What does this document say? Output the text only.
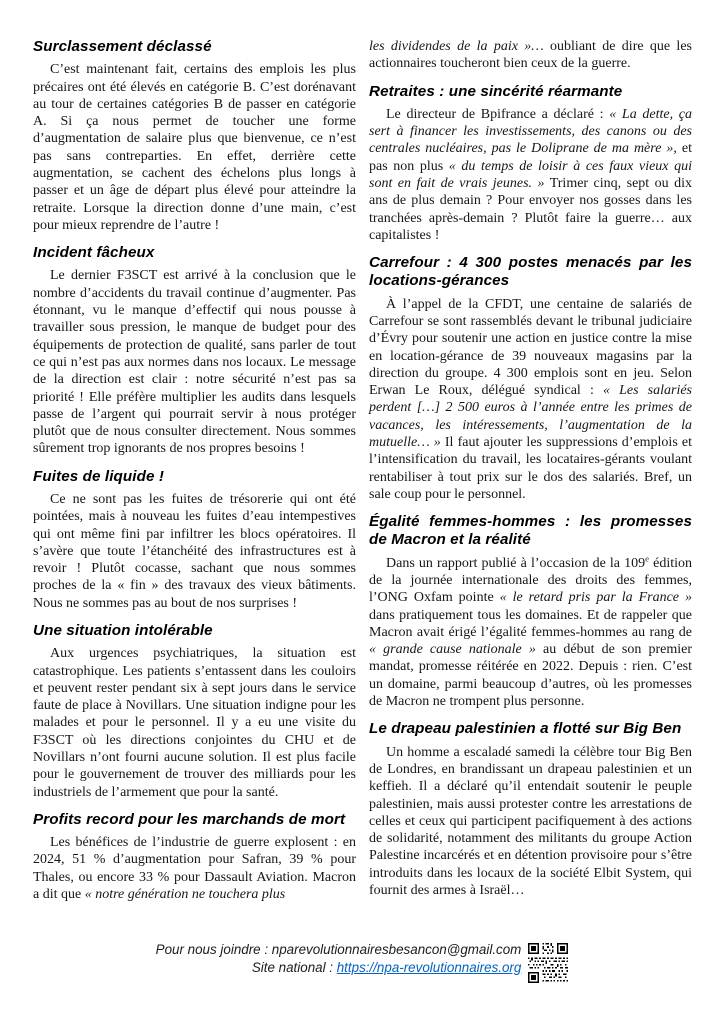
Surclassement déclassé

C’est maintenant fait, certains des emplois les plus précaires ont été élevés en catégorie B. C’est dorénavant au tour de certaines catégories B de passer en catégorie A. Si ça nous permet de toucher une forme d’augmentation de salaire plus que bienvenue, ce n’est pas sans contreparties. En effet, derrière cette augmentation, se cachent des échelons plus longs à passer et un âge de départ plus élevé pour atteindre la retraite. Lorsque la direction donne d’une main, c’est pour mieux reprendre de l’autre !

Incident fâcheux

Le dernier F3SCT est arrivé à la conclusion que le nombre d’accidents du travail continue d’augmenter. Pas étonnant, vu le manque d’effectif qui nous pousse à travailler sous pression, le manque de budget pour des équipements de protection de qualité, sans parler de tout ce qui n’est pas aux normes dans nos locaux. Le message de la direction est clair : notre sécurité n’est pas sa priorité ! Elle préfère multiplier les audits dans lesquels passe de l’argent qui pourrait servir à nous protéger plutôt que de nous consulter directement. Nous sommes sûrement trop ignorants de nos propres besoins !

Fuites de liquide !

Ce ne sont pas les fuites de trésorerie qui ont été pointées, mais à nouveau les fuites d’eau intempestives qui ont même fini par infiltrer les blocs opératoires. Il s’avère que toute l’étanchéité des infrastructures est à revoir ! Plutôt cocasse, sachant que nous sommes proches de la « fin » des travaux des vieux bâtiments. Nous ne sommes pas au bout de nos surprises !

Une situation intolérable

Aux urgences psychiatriques, la situation est catastrophique. Les patients s’entassent dans les couloirs et peuvent rester pendant six à sept jours dans le service faute de place à Novillars. Une situation indigne pour les malades et pour le personnel. Il y a eu une visite du F3SCT où les directions conjointes du CHU et de Novillars n’ont fourni aucune solution. Il est plus facile pour le gouvernement de trouver des milliards pour les industriels de l’armement que pour la santé.

Profits record pour les marchands de mort

Les bénéfices de l’industrie de guerre explosent : en 2024, 51 % d’augmentation pour Safran, 39 % pour Thales, ou encore 33 % pour Dassault Aviation. Macron a dit que « notre génération ne touchera plus

les dividendes de la paix »… oubliant de dire que les actionnaires toucheront bien ceux de la guerre.

Retraites : une sincérité réarmante

Le directeur de Bpifrance a déclaré : « La dette, ça sert à financer les investissements, des canons ou des centrales nucléaires, pas le Doliprane de ma mère », et pas non plus « du temps de loisir à ces faux vieux qui sont en fait de vrais jeunes. » Trimer cinq, sept ou dix ans de plus demain ? Pour envoyer nos gosses dans les tranchées après-demain ? Plutôt faire la guerre… aux capitalistes !

Carrefour : 4 300 postes menacés par les locations-gérances

À l’appel de la CFDT, une centaine de salariés de Carrefour se sont rassemblés devant le tribunal judiciaire d’Évry pour soutenir une action en justice contre la mise en location-gérance de 39 nouveaux magasins par la direction du groupe. 4 300 emplois sont en jeu. Selon Erwan Le Roux, délégué syndical : « Les salariés perdent […] 2 500 euros à l’année entre les primes de vacances, les intéressements, l’augmentation de la mutuelle… » Il faut ajouter les suppressions d’emplois et l’intensification du travail, les locataires-gérants voulant rentabiliser à tout prix sur le dos des salariés. Bref, un sale coup pour le personnel.

Égalité femmes-hommes : les promesses de Macron et la réalité

Dans un rapport publié à l’occasion de la 109e édition de la journée internationale des droits des femmes, l’ONG Oxfam pointe « le retard pris par la France » dans pratiquement tous les domaines. Et de rappeler que Macron avait érigé l’égalité femmes-hommes au rang de « grande cause nationale » au début de son premier mandat, promesse réitérée en 2022. Depuis : rien. C’est un domaine, parmi beaucoup d’autres, où les promesses de Macron ne trompent plus personne.

Le drapeau palestinien a flotté sur Big Ben

Un homme a escaladé samedi la célèbre tour Big Ben de Londres, en brandissant un drapeau palestinien et un keffieh. Il a déclaré qu’il entendait soutenir le peuple palestinien, mais aussi protester contre les arrestations de celles et ceux qui participent pacifiquement à des actions de solidarité, notamment des militants du groupe Action Palestine incarcérés et en détention provisoire pour s’être introduits dans les locaux de la société Elbit System, qui fournit des armes à Israël…

Pour nous joindre : nparevolutionnairesbesancon@gmail.com
Site national : https://npa-revolutionnaires.org
